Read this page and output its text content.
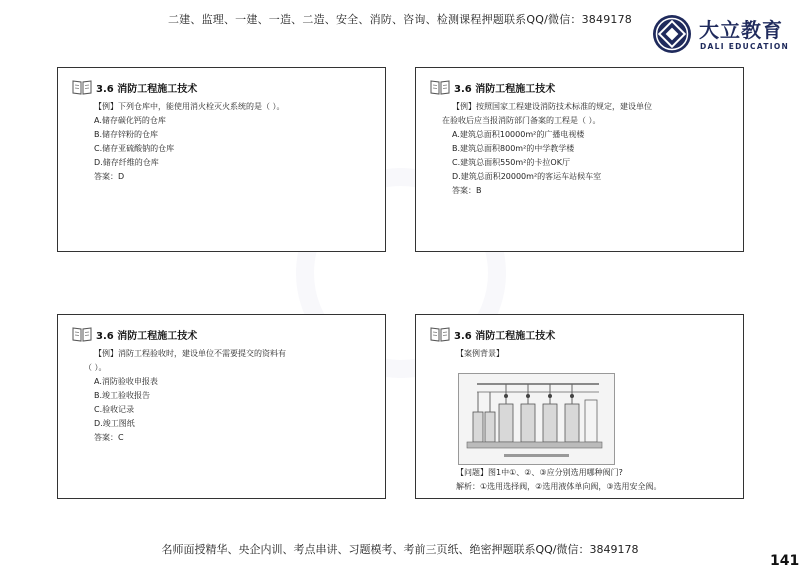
二建、监理、一建、一造、二造、安全、消防、咨询、检测课程押题联系QQ/微信：3849178	大立教育
DALI EDUCATION
3.6 消防工程施工技术
【例】下列仓库中，能使用消火栓灭火系统的是（ ）。
A.储存碳化钙的仓库
B.储存锌粉的仓库
C.储存亚硫酸钠的仓库
D.储存纤维的仓库
答案：D
3.6 消防工程施工技术
【例】按照国家工程建设消防技术标准的规定，建设单位
在验收后应当报消防部门备案的工程是（ ）。
A.建筑总面积10000m²的广播电视楼
B.建筑总面积800m²的中学教学楼
C.建筑总面积550m²的卡拉OK厅
D.建筑总面积20000m²的客运车站候车室
答案：B
3.6 消防工程施工技术
【例】消防工程验收时，建设单位不需要提交的资料有
（ ）。
A.消防验收申报表
B.竣工验收报告
C.验收记录
D.竣工图纸
答案：C
3.6 消防工程施工技术
【案例背景】
【问题】图1中①、②、③应分别选用哪种阀门?
解析：①选用选择阀，②选用液体单向阀，③选用安全阀。
名师面授精华、央企内训、考点串讲、习题模考、考前三页纸、绝密押题联系QQ/微信：3849178
141
